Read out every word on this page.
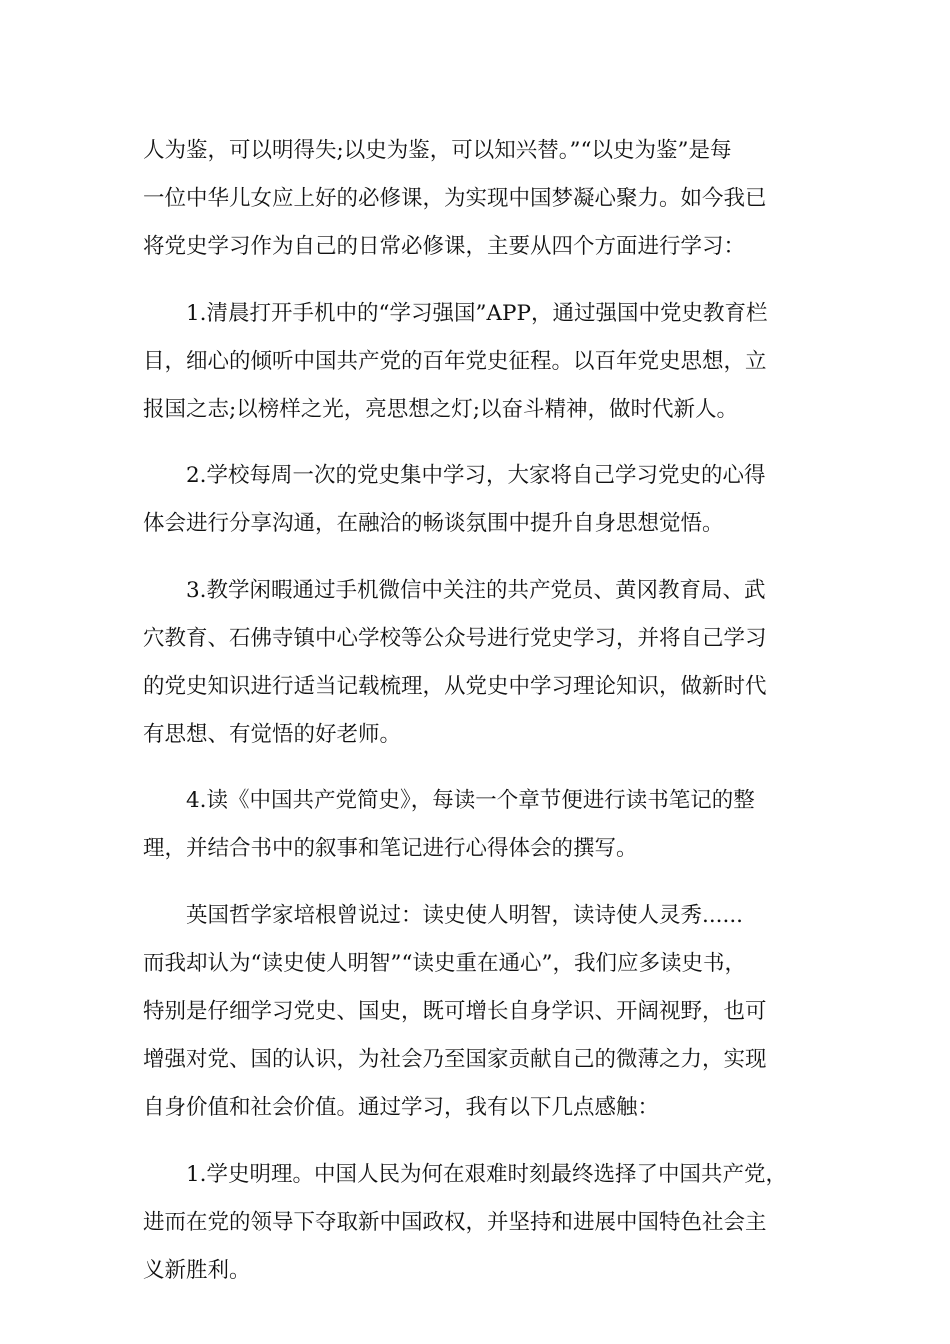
人为鉴，可以明得失;以史为鉴，可以知兴替。”“以史为鉴”是每
一位中华儿女应上好的必修课，为实现中国梦凝心聚力。如今我已
将党史学习作为自己的日常必修课，主要从四个方面进行学习：
1.清晨打开手机中的“学习强国”APP，通过强国中党史教育栏
目，细心的倾听中国共产党的百年党史征程。以百年党史思想，立
报国之志;以榜样之光，亮思想之灯;以奋斗精神，做时代新人。
2.学校每周一次的党史集中学习，大家将自己学习党史的心得
体会进行分享沟通，在融洽的畅谈氛围中提升自身思想觉悟。
3.教学闲暇通过手机微信中关注的共产党员、黄冈教育局、武
穴教育、石佛寺镇中心学校等公众号进行党史学习，并将自己学习
的党史知识进行适当记载梳理，从党史中学习理论知识，做新时代
有思想、有觉悟的好老师。
4.读《中国共产党简史》，每读一个章节便进行读书笔记的整
理，并结合书中的叙事和笔记进行心得体会的撰写。
英国哲学家培根曾说过：读史使人明智，读诗使人灵秀......
而我却认为“读史使人明智”“读史重在通心”，我们应多读史书，
特别是仔细学习党史、国史，既可增长自身学识、开阔视野，也可
增强对党、国的认识，为社会乃至国家贡献自己的微薄之力，实现
自身价值和社会价值。通过学习，我有以下几点感触：
1.学史明理。中国人民为何在艰难时刻最终选择了中国共产党，
进而在党的领导下夺取新中国政权，并坚持和进展中国特色社会主
义新胜利。
